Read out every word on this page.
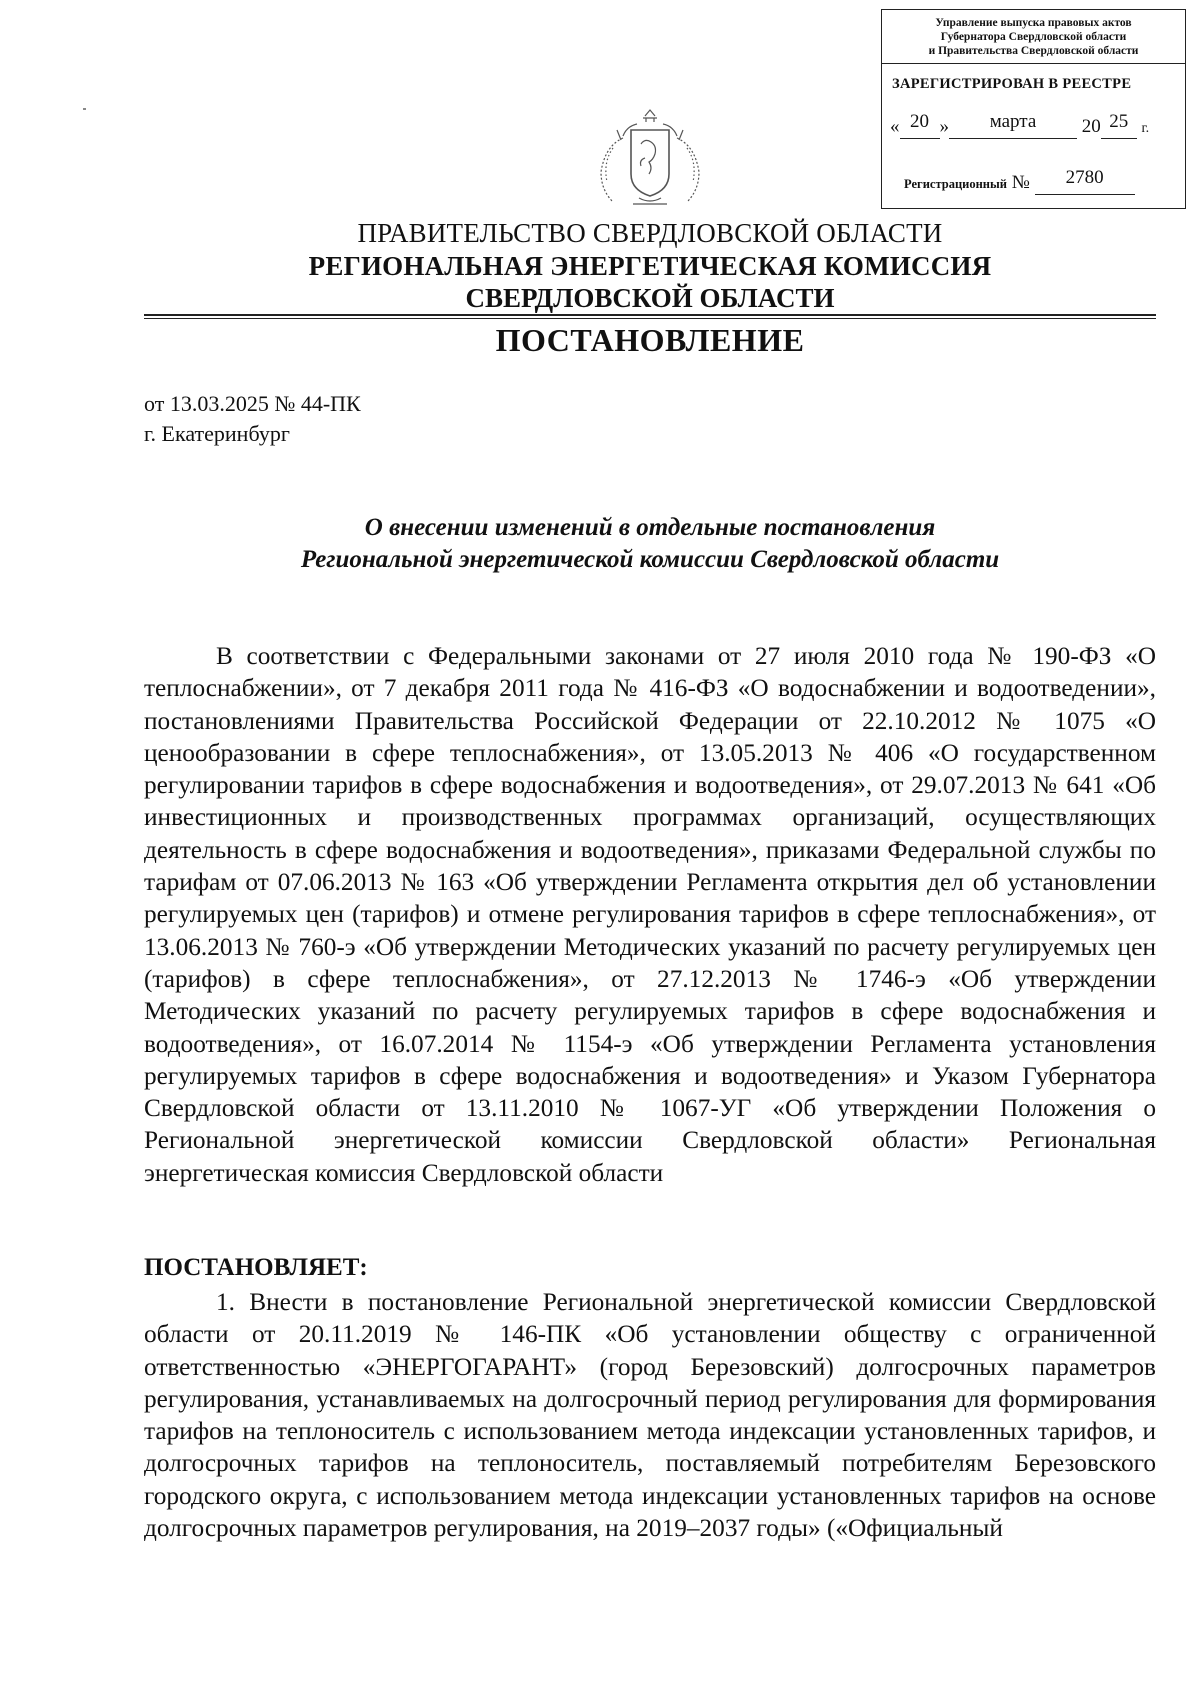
Управление выпуска правовых актов
Губернатора Свердловской области
и Правительства Свердловской области
ЗАРЕГИСТРИРОВАН В РЕЕСТРЕ
« 20 » марта 20 25 г.
Регистрационный № 2780
ПРАВИТЕЛЬСТВО СВЕРДЛОВСКОЙ ОБЛАСТИ
РЕГИОНАЛЬНАЯ ЭНЕРГЕТИЧЕСКАЯ КОМИССИЯ
СВЕРДЛОВСКОЙ ОБЛАСТИ
ПОСТАНОВЛЕНИЕ
от 13.03.2025 № 44-ПК
г. Екатеринбург
О внесении изменений в отдельные постановления
Региональной энергетической комиссии Свердловской области

В соответствии с Федеральными законами от 27 июля 2010 года № 190-ФЗ «О теплоснабжении», от 7 декабря 2011 года № 416-ФЗ «О водоснабжении и водоотведении», постановлениями Правительства Российской Федерации от 22.10.2012 № 1075 «О ценообразовании в сфере теплоснабжения», от 13.05.2013 № 406 «О государственном регулировании тарифов в сфере водоснабжения и водоотведения», от 29.07.2013 № 641 «Об инвестиционных и производственных программах организаций, осуществляющих деятельность в сфере водоснабжения и водоотведения», приказами Федеральной службы по тарифам от 07.06.2013 № 163 «Об утверждении Регламента открытия дел об установлении регулируемых цен (тарифов) и отмене регулирования тарифов в сфере теплоснабжения», от 13.06.2013 № 760-э «Об утверждении Методических указаний по расчету регулируемых цен (тарифов) в сфере теплоснабжения», от 27.12.2013 № 1746-э «Об утверждении Методических указаний по расчету регулируемых тарифов в сфере водоснабжения и водоотведения», от 16.07.2014 № 1154-э «Об утверждении Регламента установления регулируемых тарифов в сфере водоснабжения и водоотведения» и Указом Губернатора Свердловской области от 13.11.2010 № 1067-УГ «Об утверждении Положения о Региональной энергетической комиссии Свердловской области» Региональная энергетическая комиссия Свердловской области

ПОСТАНОВЛЯЕТ:

1. Внести в постановление Региональной энергетической комиссии Свердловской области от 20.11.2019 № 146-ПК «Об установлении обществу с ограниченной ответственностью «ЭНЕРГОГАРАНТ» (город Березовский) долгосрочных параметров регулирования, устанавливаемых на долгосрочный период регулирования для формирования тарифов на теплоноситель с использованием метода индексации установленных тарифов, и долгосрочных тарифов на теплоноситель, поставляемый потребителям Березовского городского округа, с использованием метода индексации установленных тарифов на основе долгосрочных параметров регулирования, на 2019–2037 годы» («Официальный
